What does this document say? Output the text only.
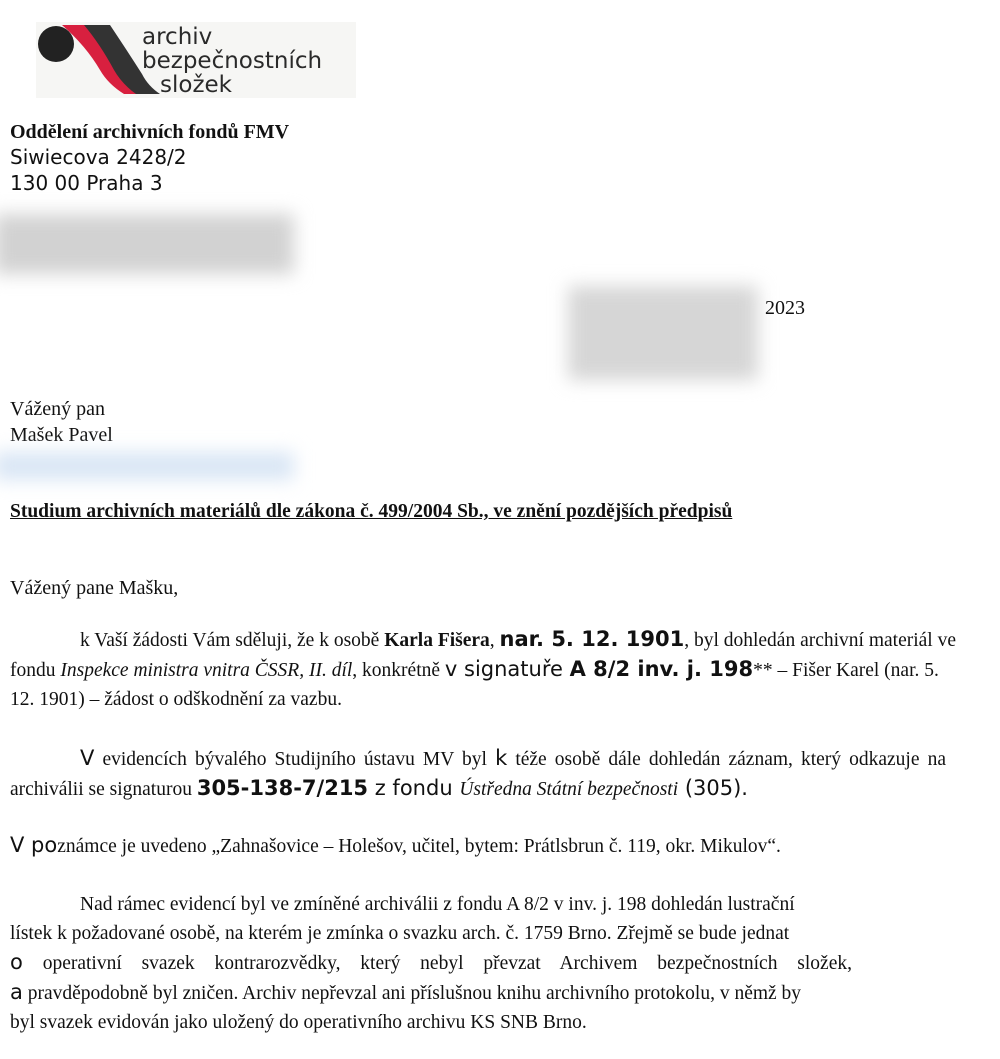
archiv
bezpečnostních
složek
Oddělení archivních fondů FMV
Siwiecova 2428/2
130 00 Praha 3
2023
Vážený pan
Mašek Pavel
Studium archivních materiálů dle zákona č. 499/2004 Sb., ve znění pozdějších předpisů
Vážený pane Mašku,
k Vaší žádosti Vám sděluji, že k osobě Karla Fišera, nar. 5. 12. 1901, byl dohledán archivní materiál ve fondu Inspekce ministra vnitra ČSSR, II. díl, konkrétně v signatuře A 8/2 inv. j. 198** – Fišer Karel (nar. 5. 12. 1901) – žádost o odškodnění za vazbu.
V evidencích bývalého Studijního ústavu MV byl k téže osobě dále dohledán záznam, který odkazuje na archiválii se signaturou 305-138-7/215 z fondu Ústředna Státní bezpečnosti (305).
V poznámce je uvedeno „Zahnašovice – Holešov, učitel, bytem: Prátlsbrun č. 119, okr. Mikulov“.
Nad rámec evidencí byl ve zmíněné archiválii z fondu A 8/2 v inv. j. 198 dohledán lustrační
lístek k požadované osobě, na kterém je zmínka o svazku arch. č. 1759 Brno. Zřejmě se bude jednat
o operativní svazek kontrarozvědky, který nebyl převzat Archivem bezpečnostních složek,
a pravděpodobně byl zničen. Archiv nepřevzal ani příslušnou knihu archivního protokolu, v němž by
byl svazek evidován jako uložený do operativního archivu KS SNB Brno.
